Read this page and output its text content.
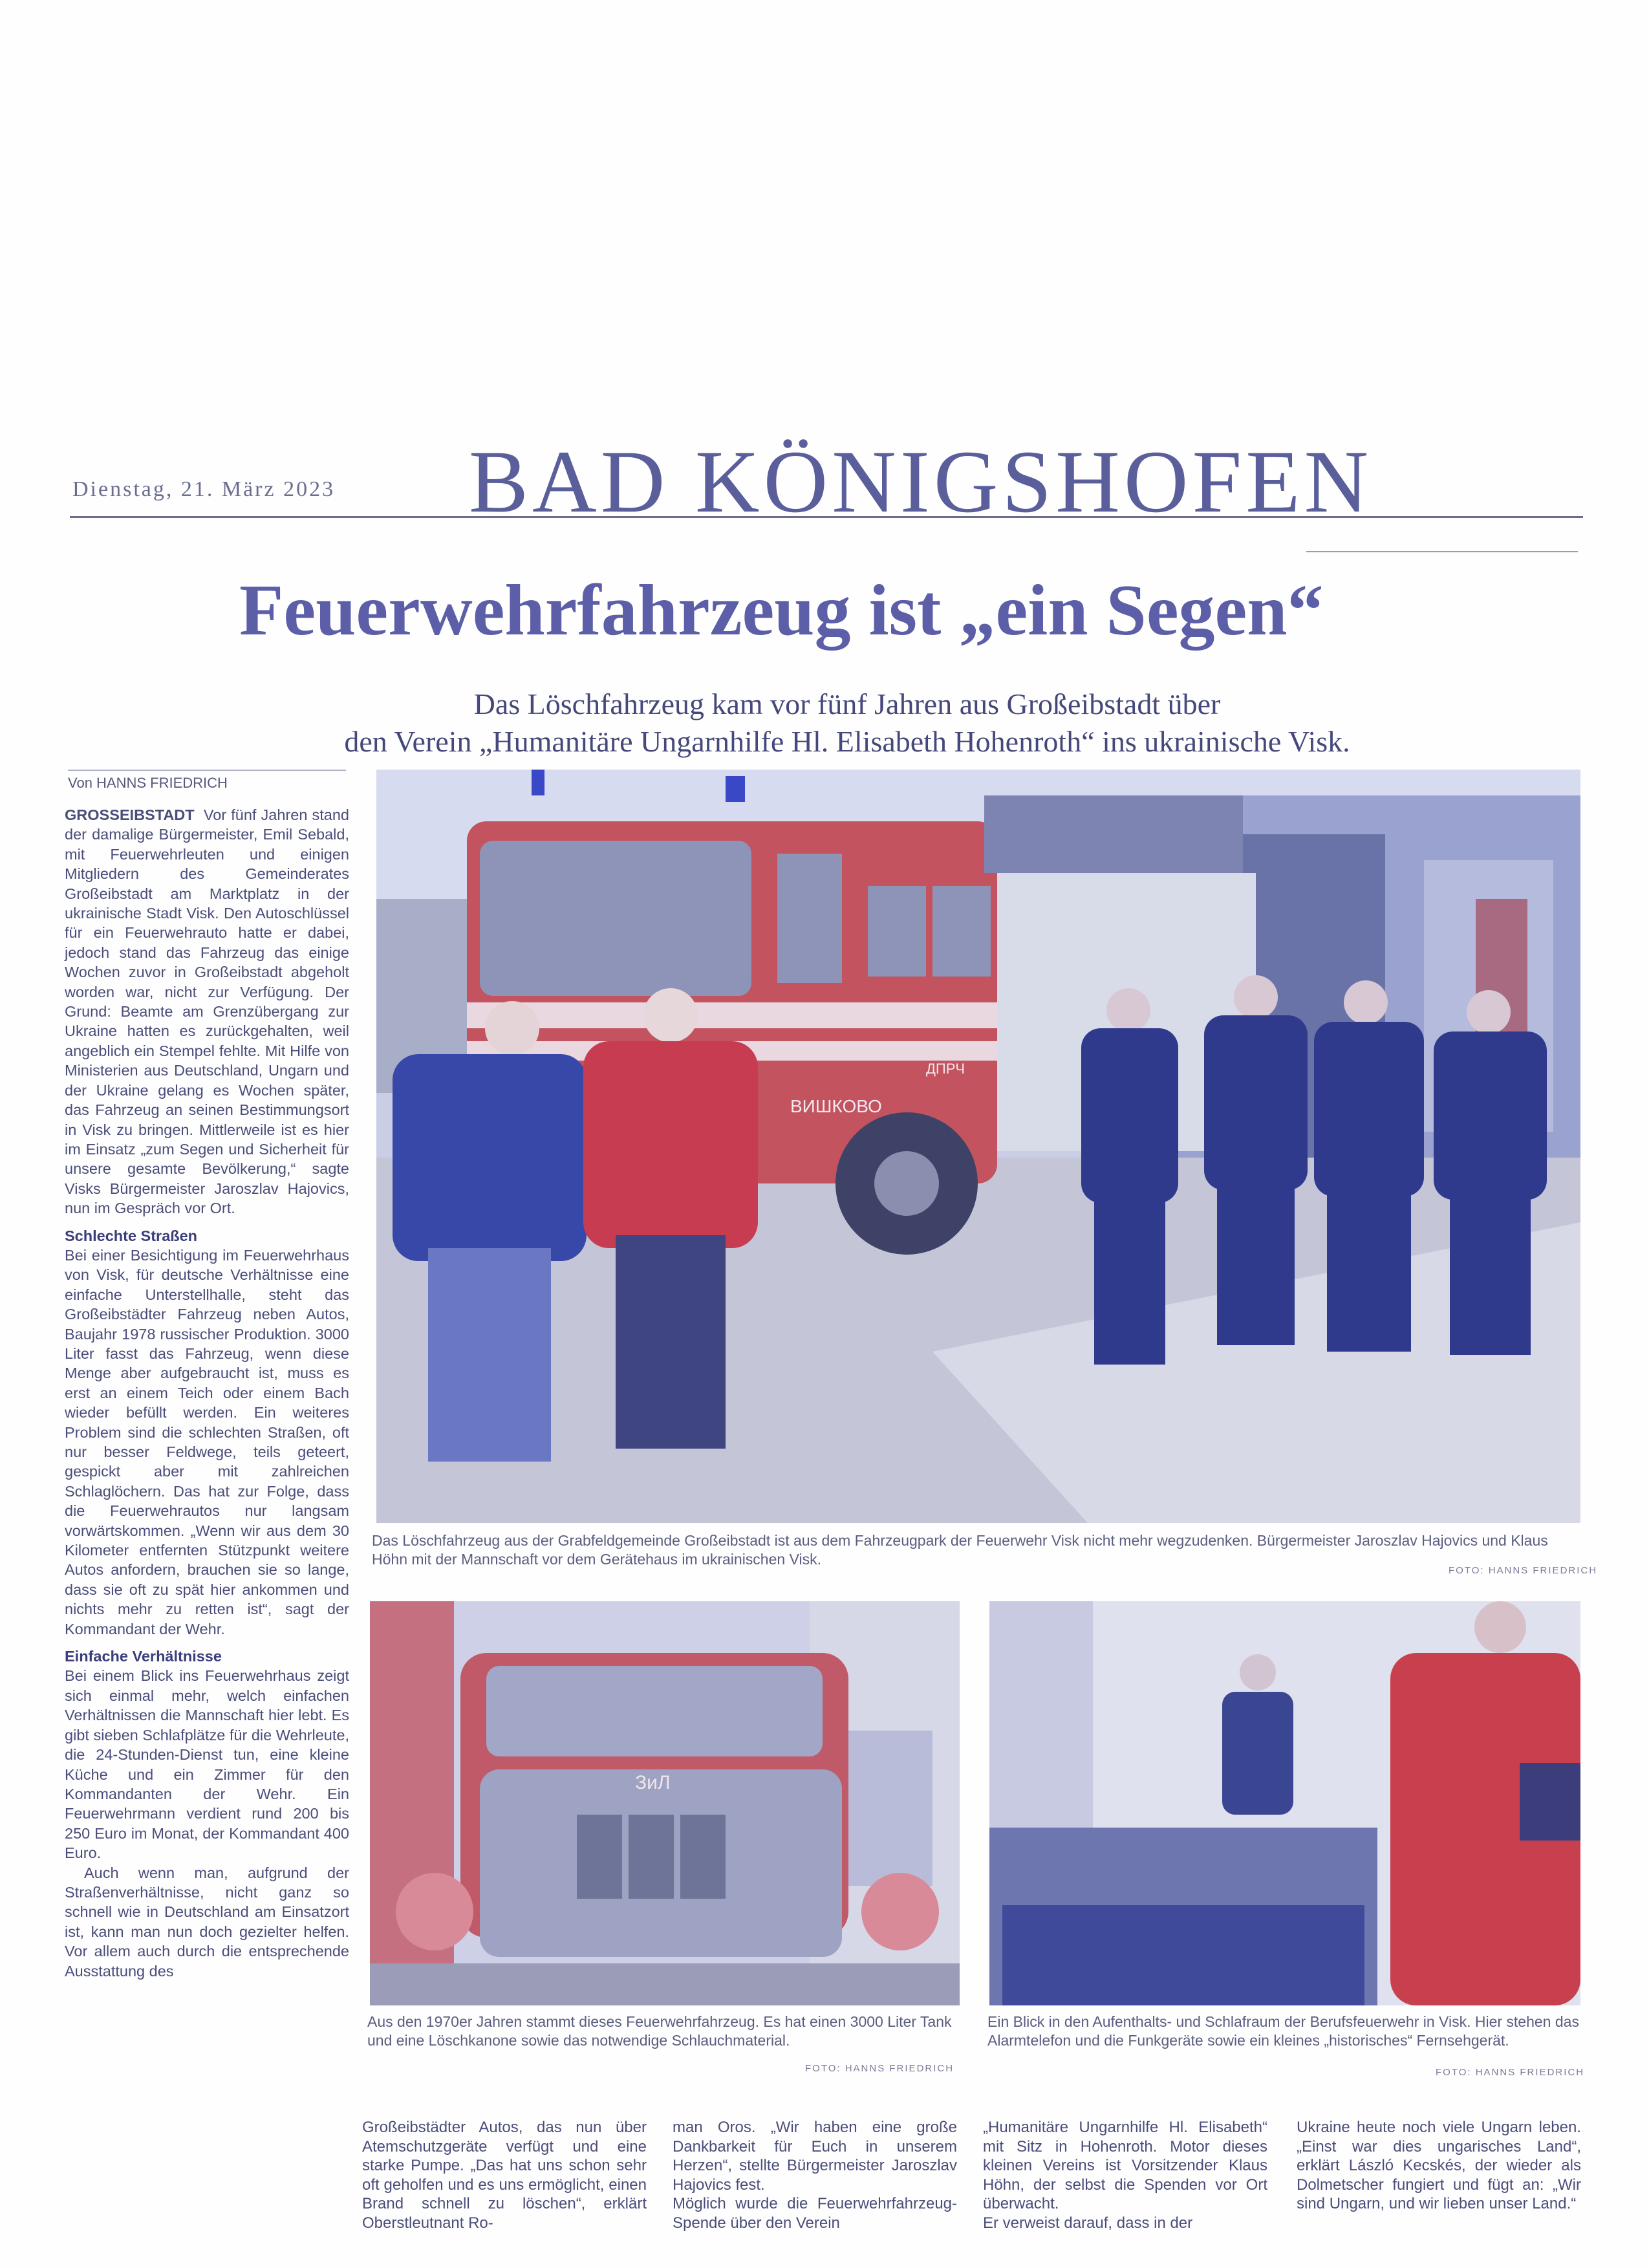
Dienstag, 21. März 2023 BAD KÖNIGSHOFEN
Feuerwehrfahrzeug ist „ein Segen“
Das Löschfahrzeug kam vor fünf Jahren aus Großeibstadt über
den Verein „Humanitäre Ungarnhilfe Hl. Elisabeth Hohenroth“ ins ukrainische Visk.
Von HANNS FRIEDRICH

GROSSEIBSTADT Vor fünf Jahren stand der damalige Bürgermeister, Emil Sebald, mit Feuerwehrleuten und einigen Mitgliedern des Gemeinderates Großeibstadt am Marktplatz in der ukrainische Stadt Visk. Den Autoschlüssel für ein Feuerwehrauto hatte er dabei, jedoch stand das Fahrzeug das einige Wochen zuvor in Großeibstadt abgeholt worden war, nicht zur Verfügung. Der Grund: Beamte am Grenzübergang zur Ukraine hatten es zurückgehalten, weil angeblich ein Stempel fehlte. Mit Hilfe von Ministerien aus Deutschland, Ungarn und der Ukraine gelang es Wochen später, das Fahrzeug an seinen Bestimmungsort in Visk zu bringen. Mittlerweile ist es hier im Einsatz „zum Segen und Sicherheit für unsere gesamte Bevölkerung,“ sagte Visks Bürgermeister Jaroszlav Hajovics, nun im Gespräch vor Ort.

Schlechte Straßen

Bei einer Besichtigung im Feuerwehrhaus von Visk, für deutsche Verhältnisse eine einfache Unterstellhalle, steht das Großeibstädter Fahrzeug neben Autos, Baujahr 1978 russischer Produktion. 3000 Liter fasst das Fahrzeug, wenn diese Menge aber aufgebraucht ist, muss es erst an einem Teich oder einem Bach wieder befüllt werden. Ein weiteres Problem sind die schlechten Straßen, oft nur besser Feldwege, teils geteert, gespickt aber mit zahlreichen Schlaglöchern. Das hat zur Folge, dass die Feuerwehrautos nur langsam vorwärtskommen. „Wenn wir aus dem 30 Kilometer entfernten Stützpunkt weitere Autos anfordern, brauchen sie so lange, dass sie oft zu spät hier ankommen und nichts mehr zu retten ist“, sagt der Kommandant der Wehr.

Einfache Verhältnisse

Bei einem Blick ins Feuerwehrhaus zeigt sich einmal mehr, welch einfachen Verhältnissen die Mannschaft hier lebt. Es gibt sieben Schlafplätze für die Wehrleute, die 24-Stunden-Dienst tun, eine kleine Küche und ein Zimmer für den Kommandanten der Wehr. Ein Feuerwehrmann verdient rund 200 bis 250 Euro im Monat, der Kommandant 400 Euro.

Auch wenn man, aufgrund der Straßenverhältnisse, nicht ganz so schnell wie in Deutschland am Einsatzort ist, kann man nun doch gezielter helfen. Vor allem auch durch die entsprechende Ausstattung des

ВИШКОВО
ДПРЧ
Das Löschfahrzeug aus der Grabfeldgemeinde Großeibstadt ist aus dem Fahrzeugpark der Feuerwehr Visk nicht mehr wegzudenken. Bürgermeister Jaroszlav Hajovics und Klaus Höhn mit der Mannschaft vor dem Gerätehaus im ukrainischen Visk.
FOTO: HANNS FRIEDRICH
ЗиЛ
Aus den 1970er Jahren stammt dieses Feuerwehrfahrzeug. Es hat einen 3000 Liter Tank und eine Löschkanone sowie das notwendige Schlauchmaterial.
FOTO: HANNS FRIEDRICH
Ein Blick in den Aufenthalts- und Schlafraum der Berufsfeuerwehr in Visk. Hier stehen das Alarmtelefon und die Funkgeräte sowie ein kleines „historisches“ Fernsehgerät.
FOTO: HANNS FRIEDRICH
Großeibstädter Autos, das nun über Atemschutzgeräte verfügt und eine starke Pumpe. „Das hat uns schon sehr oft geholfen und es uns ermöglicht, einen Brand schnell zu löschen“, erklärt Oberstleutnant Ro-
man Oros. „Wir haben eine große Dankbarkeit für Euch in unserem Herzen“, stellte Bürgermeister Jaroszlav Hajovics fest.
Möglich wurde die Feuerwehrfahrzeug-Spende über den Verein
„Humanitäre Ungarnhilfe Hl. Elisabeth“ mit Sitz in Hohenroth. Motor dieses kleinen Vereins ist Vorsitzender Klaus Höhn, der selbst die Spenden vor Ort überwacht.
Er verweist darauf, dass in der
Ukraine heute noch viele Ungarn leben. „Einst war dies ungarisches Land“, erklärt László Kecskés, der wieder als Dolmetscher fungiert und fügt an: „Wir sind Ungarn, und wir lieben unser Land.“
